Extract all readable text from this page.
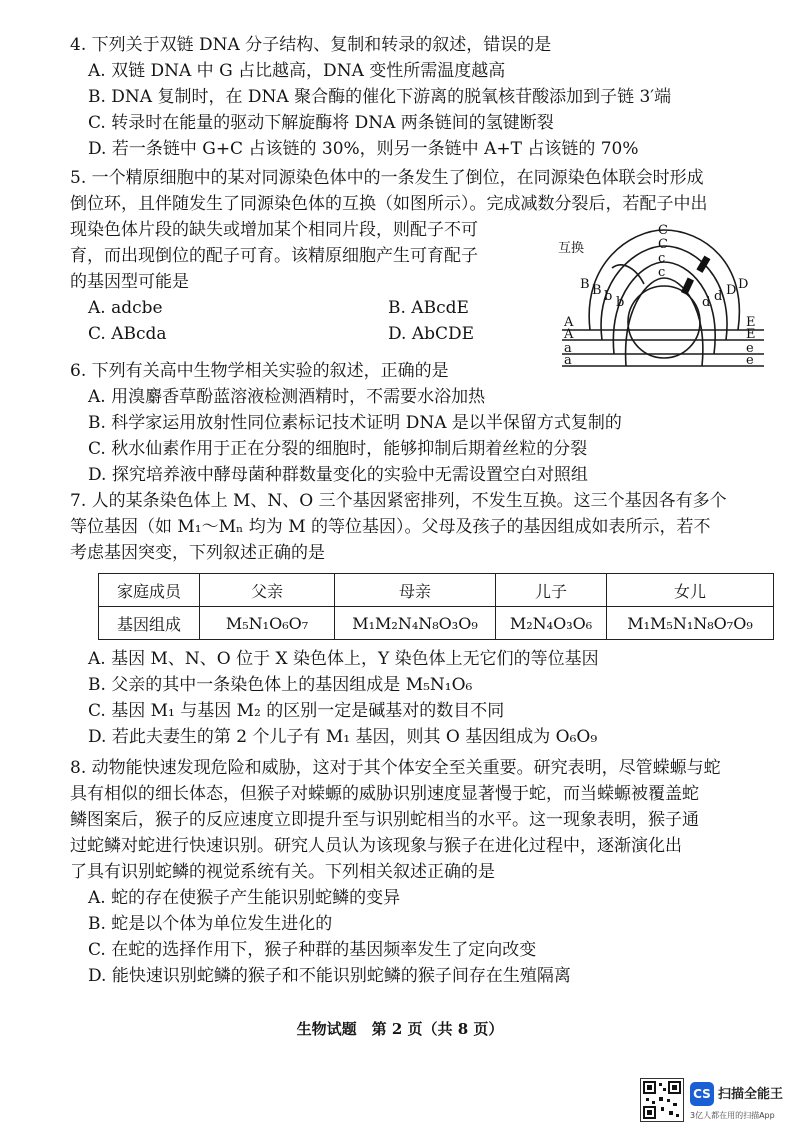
4. 下列关于双链 DNA 分子结构、复制和转录的叙述，错误的是
A. 双链 DNA 中 G 占比越高，DNA 变性所需温度越高
B. DNA 复制时，在 DNA 聚合酶的催化下游离的脱氧核苷酸添加到子链 3′端
C. 转录时在能量的驱动下解旋酶将 DNA 两条链间的氢键断裂
D. 若一条链中 G+C 占该链的 30%，则另一条链中 A+T 占该链的 70%
5. 一个精原细胞中的某对同源染色体中的一条发生了倒位，在同源染色体联会时形成
倒位环，且伴随发生了同源染色体的互换（如图所示）。完成减数分裂后，若配子中出
现染色体片段的缺失或增加某个相同片段，则配子不可
育，而出现倒位的配子可育。该精原细胞产生可育配子
的基因型可能是
A. adcbe	B. ABcdE
C. ABcda	D. AbCDE
互换
C
C
c
c
B B b b
D
D
d
d
A
A
a
a
E
E
e
e
6. 下列有关高中生物学相关实验的叙述，正确的是
A. 用溴麝香草酚蓝溶液检测酒精时，不需要水浴加热
B. 科学家运用放射性同位素标记技术证明 DNA 是以半保留方式复制的
C. 秋水仙素作用于正在分裂的细胞时，能够抑制后期着丝粒的分裂
D. 探究培养液中酵母菌种群数量变化的实验中无需设置空白对照组
7. 人的某条染色体上 M、N、O 三个基因紧密排列，不发生互换。这三个基因各有多个
等位基因（如 M₁～Mₙ 均为 M 的等位基因）。父母及孩子的基因组成如表所示，若不
考虑基因突变，下列叙述正确的是
家庭成员	父亲	母亲	儿子	女儿
基因组成	M₅N₁O₆O₇	M₁M₂N₄N₈O₃O₉	M₂N₄O₃O₆	M₁M₅N₁N₈O₇O₉
A. 基因 M、N、O 位于 X 染色体上，Y 染色体上无它们的等位基因
B. 父亲的其中一条染色体上的基因组成是 M₅N₁O₆
C. 基因 M₁ 与基因 M₂ 的区别一定是碱基对的数目不同
D. 若此夫妻生的第 2 个儿子有 M₁ 基因，则其 O 基因组成为 O₆O₉
8. 动物能快速发现危险和威胁，这对于其个体安全至关重要。研究表明，尽管蝾螈与蛇
具有相似的细长体态，但猴子对蝾螈的威胁识别速度显著慢于蛇，而当蝾螈被覆盖蛇
鳞图案后，猴子的反应速度立即提升至与识别蛇相当的水平。这一现象表明，猴子通
过蛇鳞对蛇进行快速识别。研究人员认为该现象与猴子在进化过程中，逐渐演化出
了具有识别蛇鳞的视觉系统有关。下列相关叙述正确的是
A. 蛇的存在使猴子产生能识别蛇鳞的变异
B. 蛇是以个体为单位发生进化的
C. 在蛇的选择作用下，猴子种群的基因频率发生了定向改变
D. 能快速识别蛇鳞的猴子和不能识别蛇鳞的猴子间存在生殖隔离
生物试题　第 2 页（共 8 页）
CS 扫描全能王
3亿人都在用的扫描App
